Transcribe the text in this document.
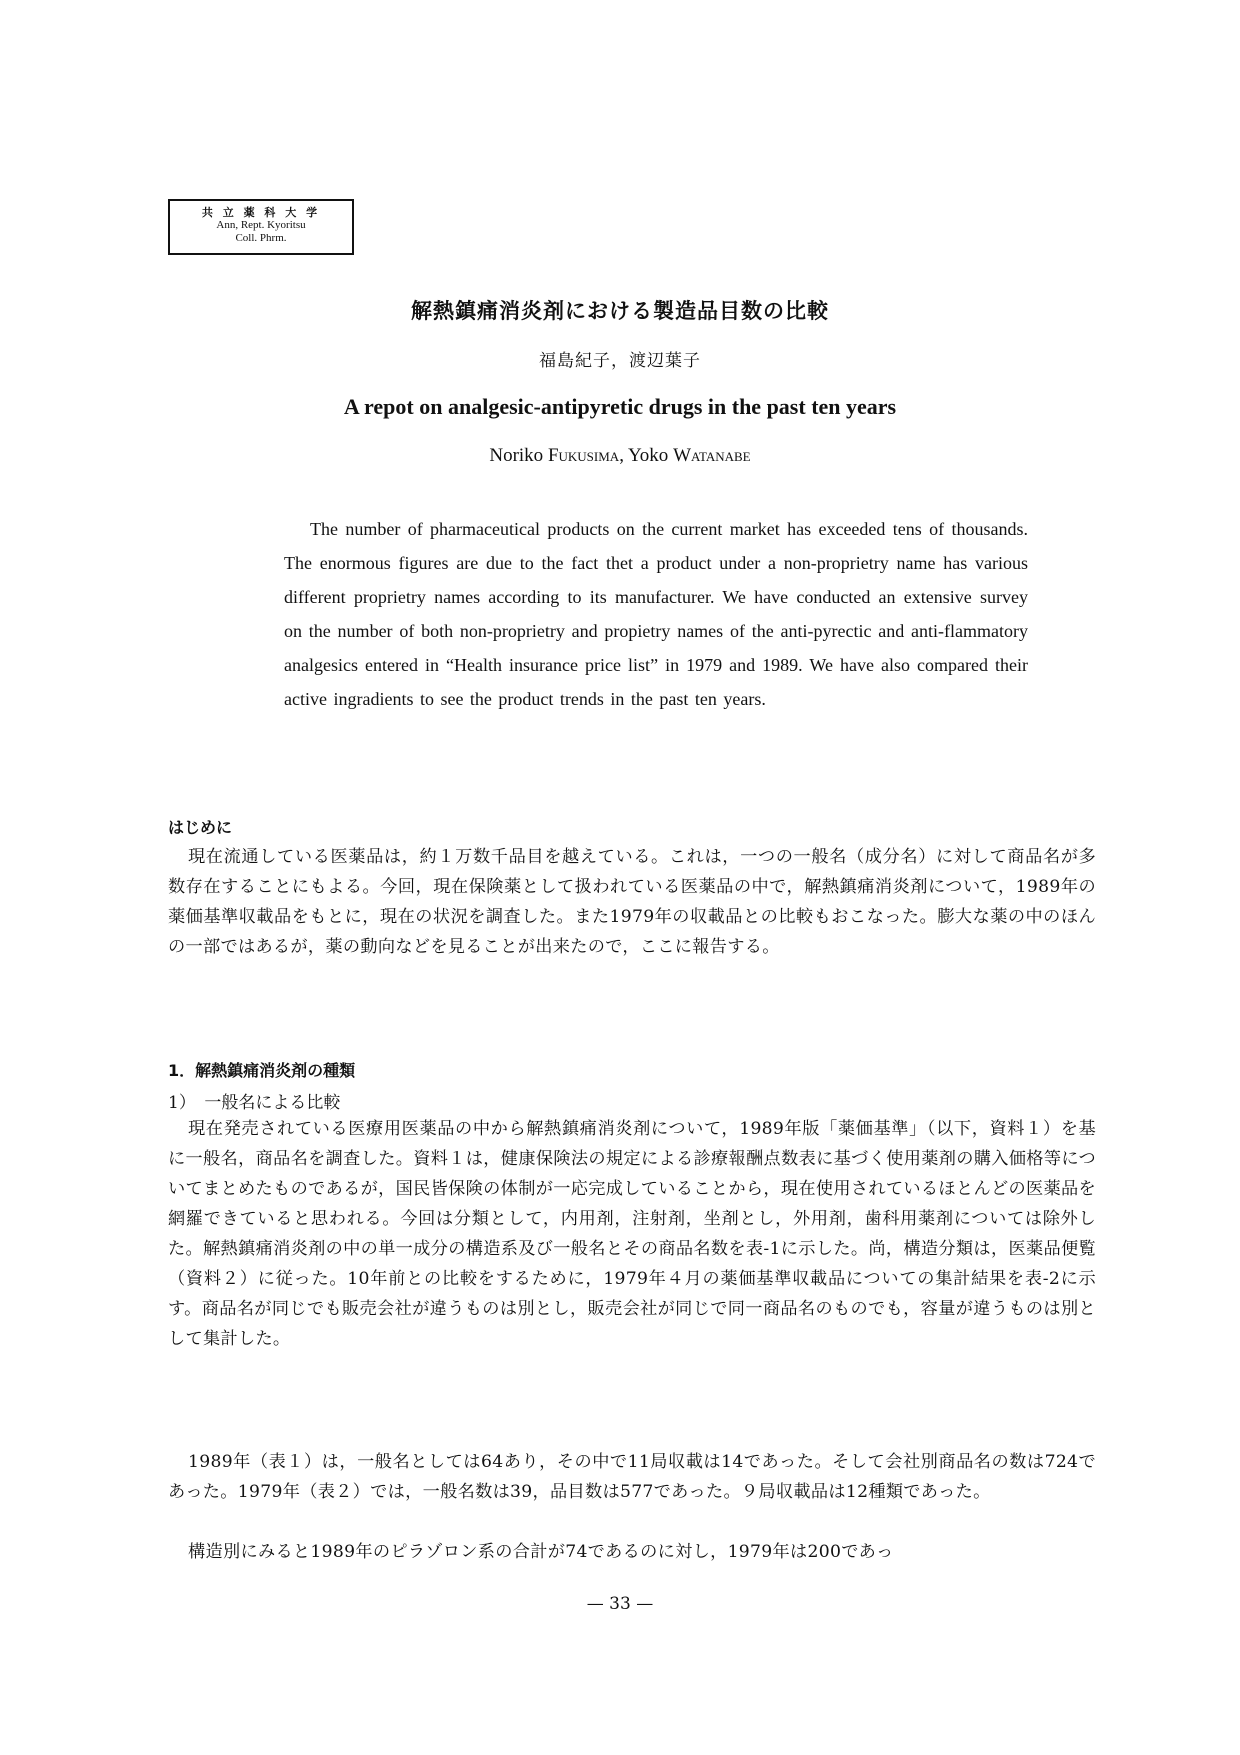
共 立 薬 科 大 学
Ann, Rept. Kyoritsu
Coll. Phrm.
解熱鎮痛消炎剤における製造品目数の比較
福島紀子，渡辺葉子
A repot on analgesic-antipyretic drugs in the past ten years
Noriko Fukusima, Yoko Watanabe
The number of pharmaceutical products on the current market has exceeded tens of thousands. The enormous figures are due to the fact thet a product under a non-proprietry name has various different proprietry names according to its manufacturer. We have conducted an extensive survey on the number of both non-proprietry and propietry names of the anti-pyrectic and anti-flammatory analgesics entered in “Health insurance price list” in 1979 and 1989. We have also compared their active ingradients to see the product trends in the past ten years.
はじめに
現在流通している医薬品は，約１万数千品目を越えている。これは，一つの一般名（成分名）に対して商品名が多数存在することにもよる。今回，現在保険薬として扱われている医薬品の中で，解熱鎮痛消炎剤について，1989年の薬価基準収載品をもとに，現在の状況を調査した。また1979年の収載品との比較もおこなった。膨大な薬の中のほんの一部ではあるが，薬の動向などを見ることが出来たので，ここに報告する。
1．解熱鎮痛消炎剤の種類
1）　一般名による比較
現在発売されている医療用医薬品の中から解熱鎮痛消炎剤について，1989年版「薬価基準」（以下，資料１）を基に一般名，商品名を調査した。資料１は，健康保険法の規定による診療報酬点数表に基づく使用薬剤の購入価格等についてまとめたものであるが，国民皆保険の体制が一応完成していることから，現在使用されているほとんどの医薬品を網羅できていると思われる。今回は分類として，内用剤，注射剤，坐剤とし，外用剤，歯科用薬剤については除外した。解熱鎮痛消炎剤の中の単一成分の構造系及び一般名とその商品名数を表-1に示した。尚，構造分類は，医薬品便覧（資料２）に従った。10年前との比較をするために，1979年４月の薬価基準収載品についての集計結果を表-2に示す。商品名が同じでも販売会社が違うものは別とし，販売会社が同じで同一商品名のものでも，容量が違うものは別として集計した。
1989年（表１）は，一般名としては64あり，その中で11局収載は14であった。そして会社別商品名の数は724であった。1979年（表２）では，一般名数は39，品目数は577であった。９局収載品は12種類であった。
構造別にみると1989年のピラゾロン系の合計が74であるのに対し，1979年は200であっ
— 33 —
